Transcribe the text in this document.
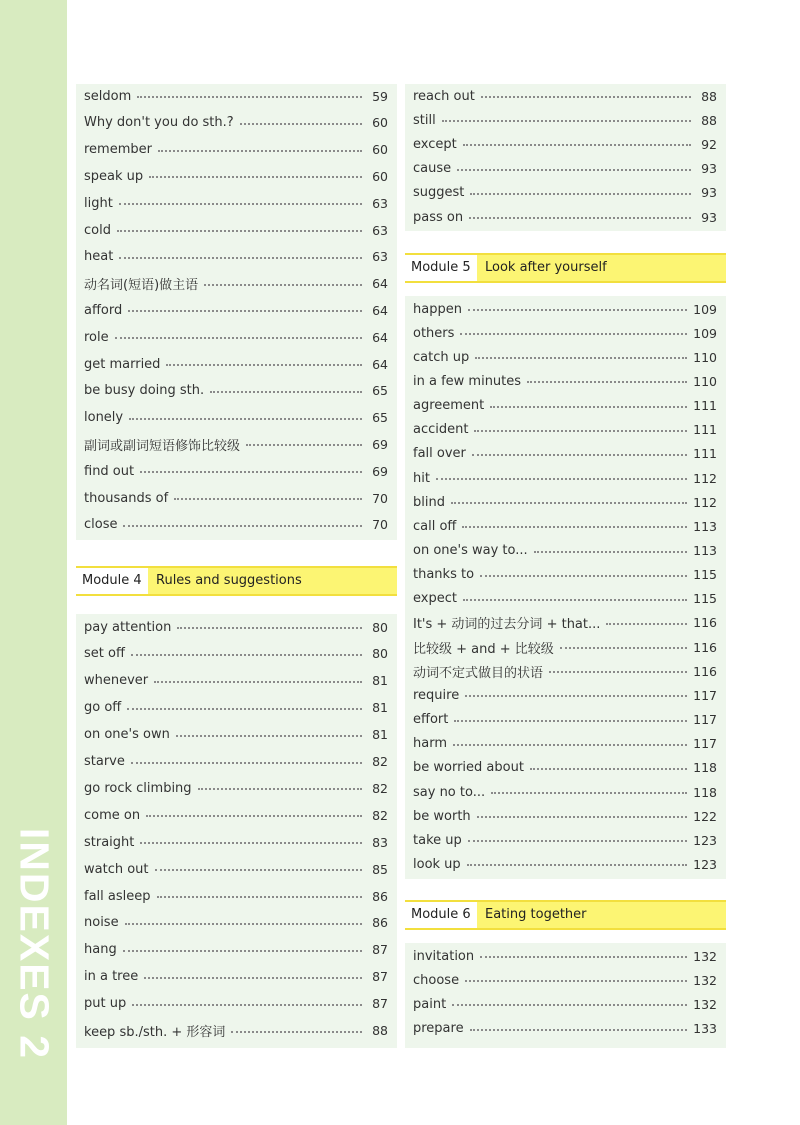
INDEXES 2
seldom	59
Why don't you do sth.?	60
remember	60
speak up	60
light	63
cold	63
heat	63
动名词(短语)做主语	64
afford	64
role	64
get married	64
be busy doing sth.	65
lonely	65
副词或副词短语修饰比较级	69
find out	69
thousands of	70
close	70
Module 4	Rules and suggestions
pay attention	80
set off	80
whenever	81
go off	81
on one's own	81
starve	82
go rock climbing	82
come on	82
straight	83
watch out	85
fall asleep	86
noise	86
hang	87
in a tree	87
put up	87
keep sb./sth. + 形容词	88
reach out	88
still	88
except	92
cause	93
suggest	93
pass on	93
Module 5	Look after yourself
happen	109
others	109
catch up	110
in a few minutes	110
agreement	111
accident	111
fall over	111
hit	112
blind	112
call off	113
on one's way to...	113
thanks to	115
expect	115
It's + 动词的过去分词 + that...	116
比较级 + and + 比较级	116
动词不定式做目的状语	116
require	117
effort	117
harm	117
be worried about	118
say no to...	118
be worth	122
take up	123
look up	123
Module 6	Eating together
invitation	132
choose	132
paint	132
prepare	133
